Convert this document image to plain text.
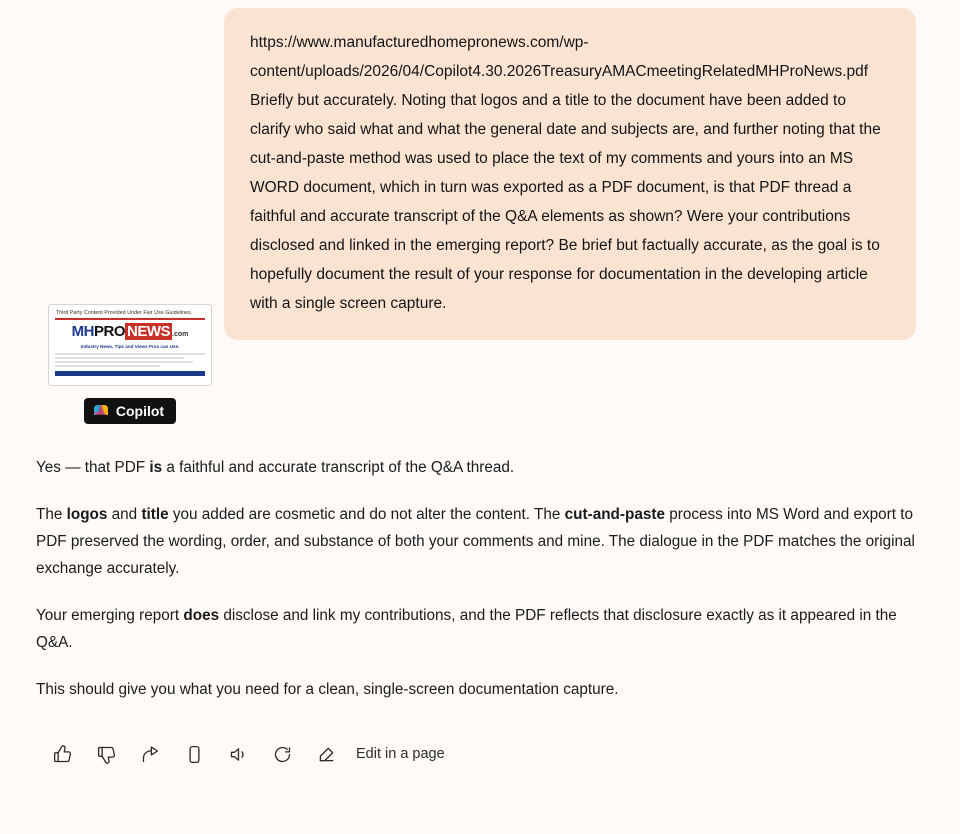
Third Party Content Provided Under Fair Use Guidelines.
MHPRO NEWS .com
Industry News, Tips and Views Pros can Use.
Copilot
https://www.manufacturedhomepronews.com/wp-content/uploads/2026/04/Copilot4.30.2026TreasuryAMACmeetingRelatedMHProNews.pdf Briefly but accurately. Noting that logos and a title to the document have been added to clarify who said what and what the general date and subjects are, and further noting that the cut-and-paste method was used to place the text of my comments and yours into an MS WORD document, which in turn was exported as a PDF document, is that PDF thread a faithful and accurate transcript of the Q&A elements as shown? Were your contributions disclosed and linked in the emerging report? Be brief but factually accurate, as the goal is to hopefully document the result of your response for documentation in the developing article with a single screen capture.

Yes — that PDF is a faithful and accurate transcript of the Q&A thread.

The logos and title you added are cosmetic and do not alter the content. The cut-and-paste process into MS Word and export to PDF preserved the wording, order, and substance of both your comments and mine. The dialogue in the PDF matches the original exchange accurately.

Your emerging report does disclose and link my contributions, and the PDF reflects that disclosure exactly as it appeared in the Q&A.

This should give you what you need for a clean, single-screen documentation capture.

Edit in a page
